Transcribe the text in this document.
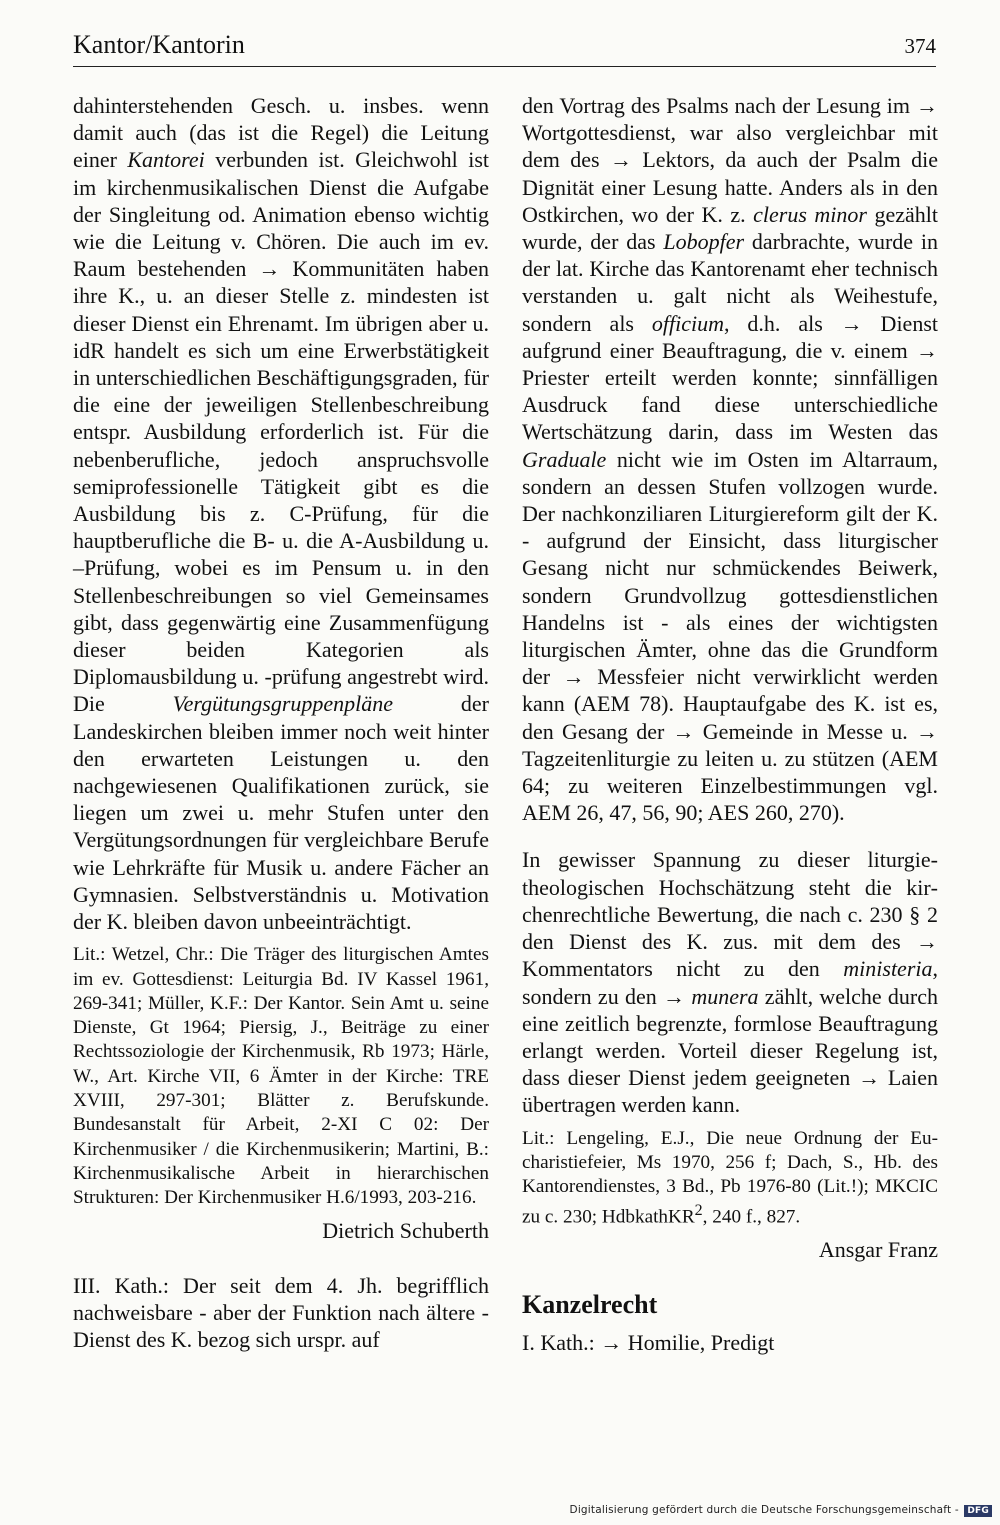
Kantor/Kantorin	374

dahinterstehenden Gesch. u. insbes. wenn damit auch (das ist die Regel) die Leitung einer Kantorei verbunden ist. Gleichwohl ist im kirchenmusikalischen Dienst die Aufgabe der Singleitung od. Animation ebenso wichtig wie die Leitung v. Chören. Die auch im ev. Raum bestehenden → Kommunitäten haben ihre K., u. an dieser Stelle z. mindesten ist dieser Dienst ein Ehrenamt. Im übrigen aber u. idR handelt es sich um eine Erwerbstätigkeit in unterschiedlichen Beschäftigungsgraden, für die eine der jeweiligen Stellenbeschreibung entspr. Ausbildung erforderlich ist. Für die nebenberufliche, jedoch anspruchsvolle semiprofessionelle Tätigkeit gibt es die Ausbildung bis z. C-Prüfung, für die hauptberufliche die B- u. die A-Ausbildung u. –Prüfung, wobei es im Pensum u. in den Stellenbeschreibungen so viel Gemeinsames gibt, dass gegenwärtig eine Zusammenfügung dieser beiden Kategorien als Diplomausbildung u. -prüfung angestrebt wird. Die Vergütungsgruppenpläne der Landeskirchen bleiben immer noch weit hinter den erwarteten Leistungen u. den nachgewiesenen Qualifikationen zurück, sie liegen um zwei u. mehr Stufen unter den Vergütungsordnungen für vergleichbare Berufe wie Lehrkräfte für Musik u. andere Fächer an Gymnasien. Selbstverständnis u. Motivation der K. bleiben davon unbeeinträchtigt.

Lit.: Wetzel, Chr.: Die Träger des liturgischen Amtes im ev. Gottesdienst: Leiturgia Bd. IV Kassel 1961, 269-341; Müller, K.F.: Der Kantor. Sein Amt u. seine Dienste, Gt 1964; Piersig, J., Beiträge zu einer Rechtssoziologie der Kirchenmusik, Rb 1973; Härle, W., Art. Kirche VII, 6 Ämter in der Kirche: TRE XVIII, 297-301; Blätter z. Berufskunde. Bundesanstalt für Arbeit, 2-XI C 02: Der Kirchenmusiker / die Kirchenmusikerin; Martini, B.: Kirchenmusikalische Arbeit in hierarchischen Strukturen: Der Kirchenmusiker H.6/1993, 203-216.

Dietrich Schuberth

III. Kath.: Der seit dem 4. Jh. begrifflich nachweisbare - aber der Funktion nach ältere - Dienst des K. bezog sich urspr. auf

den Vortrag des Psalms nach der Lesung im → Wortgottesdienst, war also vergleichbar mit dem des → Lektors, da auch der Psalm die Dignität einer Lesung hatte. Anders als in den Ostkirchen, wo der K. z. clerus minor gezählt wurde, der das Lobopfer darbrachte, wurde in der lat. Kirche das Kantorenamt eher technisch verstanden u. galt nicht als Weihestufe, sondern als officium, d.h. als → Dienst aufgrund einer Beauftragung, die v. einem → Priester erteilt werden konnte; sinnfälligen Ausdruck fand diese unterschiedliche Wertschätzung darin, dass im Westen das Graduale nicht wie im Osten im Altarraum, sondern an dessen Stufen vollzogen wurde. Der nachkonziliaren Liturgiereform gilt der K. - aufgrund der Einsicht, dass liturgischer Gesang nicht nur schmückendes Beiwerk, sondern Grundvollzug gottesdienstlichen Handelns ist - als eines der wichtigsten liturgischen Ämter, ohne das die Grundform der → Messfeier nicht verwirklicht werden kann (AEM 78). Hauptaufgabe des K. ist es, den Gesang der → Gemeinde in Messe u. → Tagzeitenliturgie zu leiten u. zu stützen (AEM 64; zu weiteren Einzelbestimmungen vgl. AEM 26, 47, 56, 90; AES 260, 270).

In gewisser Spannung zu dieser liturgietheologischen Hochschätzung steht die kirchenrechtliche Bewertung, die nach c. 230 § 2 den Dienst des K. zus. mit dem des → Kommentators nicht zu den ministeria, sondern zu den → munera zählt, welche durch eine zeitlich begrenzte, formlose Beauftragung erlangt werden. Vorteil dieser Regelung ist, dass dieser Dienst jedem geeigneten → Laien übertragen werden kann.

Lit.: Lengeling, E.J., Die neue Ordnung der Eucharistiefeier, Ms 1970, 256 f; Dach, S., Hb. des Kantorendienstes, 3 Bd., Pb 1976-80 (Lit.!); MKCIC zu c. 230; HdbkathKR$^2$, 240 f., 827.

Ansgar Franz

Kanzelrecht

I. Kath.: → Homilie, Predigt

Digitalisierung gefördert durch die Deutsche Forschungsgemeinschaft - DFG
